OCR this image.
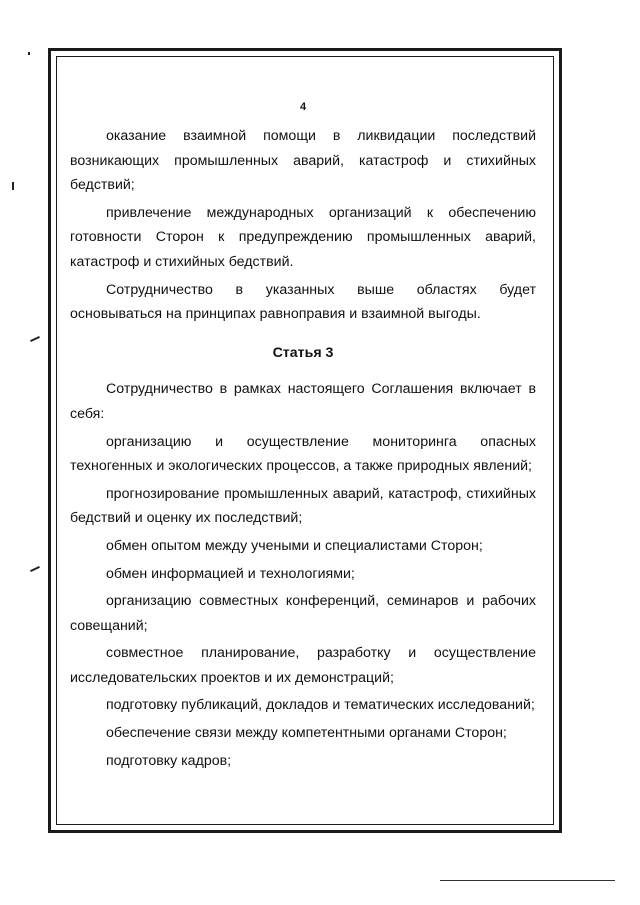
4

оказание взаимной помощи в ликвидации последствий возникающих промышленных аварий, катастроф и стихийных бедствий;

привлечение международных организаций к обеспечению готовности Сторон к предупреждению промышленных аварий, катастроф и стихийных бедствий.

Сотрудничество в указанных выше областях будет основываться на принципах равноправия и взаимной выгоды.

Статья 3

Сотрудничество в рамках настоящего Соглашения включает в себя:

организацию и осуществление мониторинга опасных техногенных и экологических процессов, а также природных явлений;

прогнозирование промышленных аварий, катастроф, стихийных бедствий и оценку их последствий;

обмен опытом между учеными и специалистами Сторон;

обмен информацией и технологиями;

организацию совместных конференций, семинаров и рабочих совещаний;

совместное планирование, разработку и осуществление исследовательских проектов и их демонстраций;

подготовку публикаций, докладов и тематических исследований;

обеспечение связи между компетентными органами Сторон;

подготовку кадров;
